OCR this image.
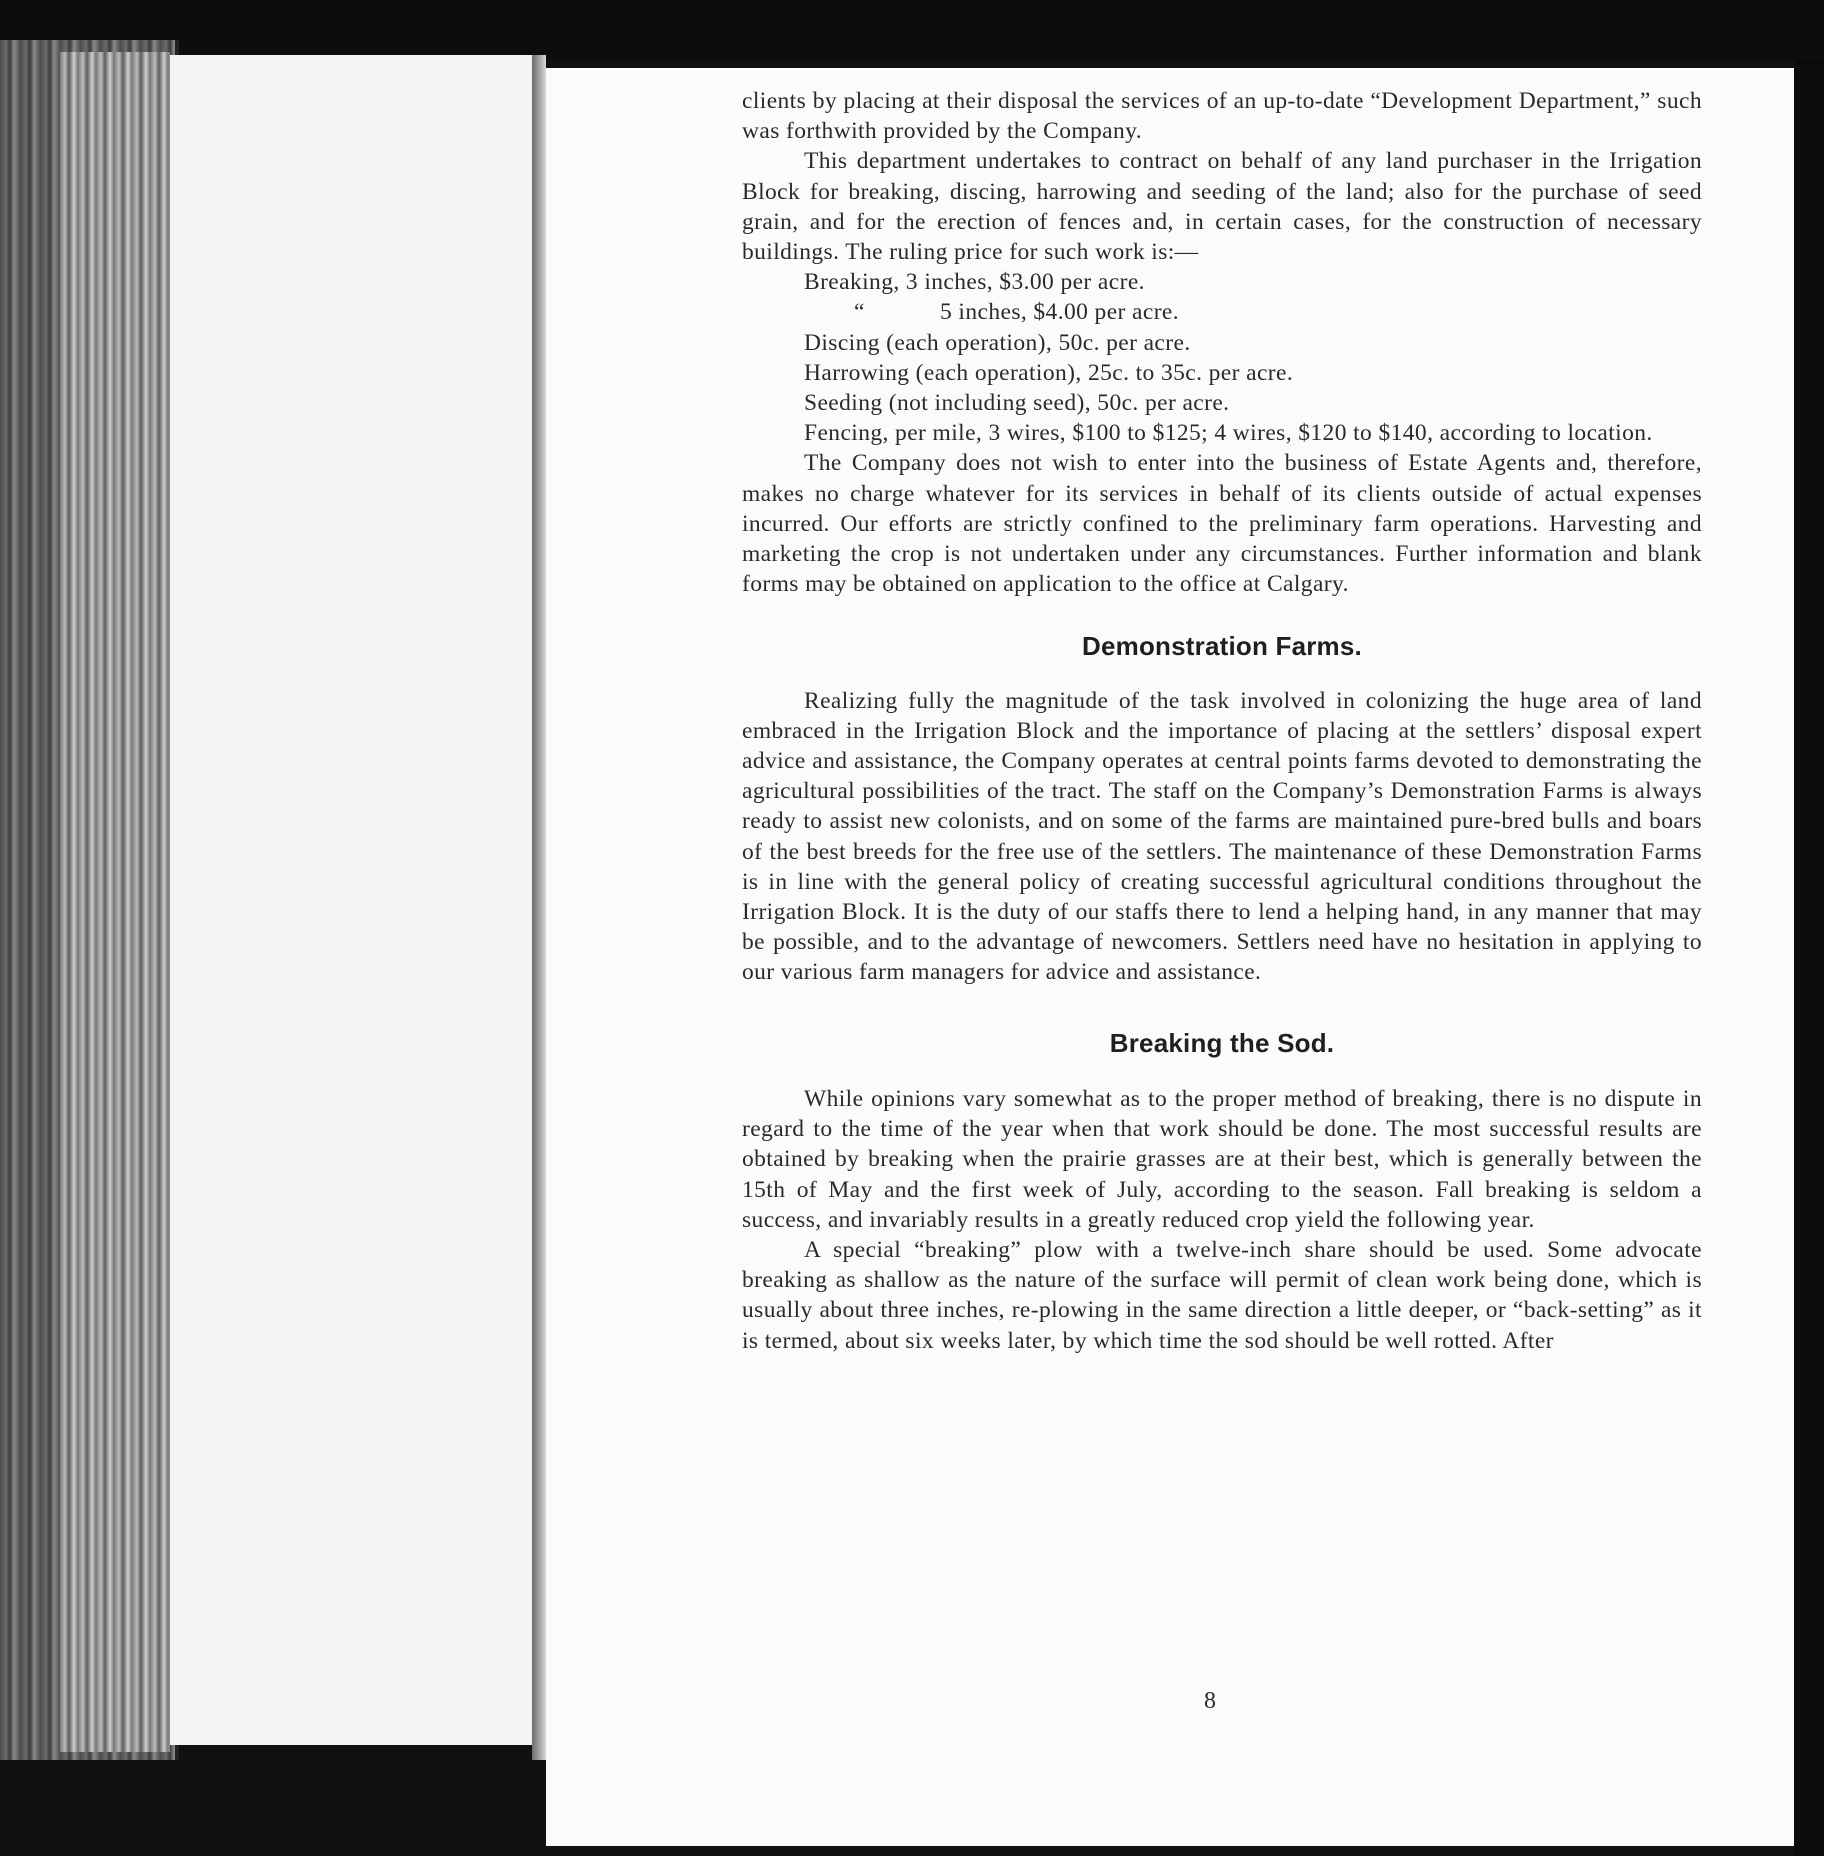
clients by placing at their disposal the services of an up-to-date “Development Department,” such was forthwith provided by the Company.

This department undertakes to contract on behalf of any land purchaser in the Irrigation Block for breaking, discing, harrowing and seeding of the land; also for the purchase of seed grain, and for the erection of fences and, in certain cases, for the construction of necessary buildings. The ruling price for such work is:—

Breaking, 3 inches, $3.00 per acre.
“	5 inches, $4.00 per acre.
Discing (each operation), 50c. per acre.
Harrowing (each operation), 25c. to 35c. per acre.
Seeding (not including seed), 50c. per acre.
Fencing, per mile, 3 wires, $100 to $125; 4 wires, $120 to $140, according to location.

The Company does not wish to enter into the business of Estate Agents and, therefore, makes no charge whatever for its services in behalf of its clients outside of actual expenses incurred. Our efforts are strictly confined to the preliminary farm operations. Harvesting and marketing the crop is not undertaken under any circumstances. Further information and blank forms may be obtained on application to the office at Calgary.

Demonstration Farms.

Realizing fully the magnitude of the task involved in colonizing the huge area of land embraced in the Irrigation Block and the importance of placing at the settlers’ disposal expert advice and assistance, the Company operates at central points farms devoted to demonstrating the agricultural possibilities of the tract. The staff on the Company’s Demonstration Farms is always ready to assist new colonists, and on some of the farms are maintained pure-bred bulls and boars of the best breeds for the free use of the settlers. The maintenance of these Demonstration Farms is in line with the general policy of creating successful agricultural conditions throughout the Irrigation Block. It is the duty of our staffs there to lend a helping hand, in any manner that may be possible, and to the advantage of newcomers. Settlers need have no hesitation in applying to our various farm managers for advice and assistance.

Breaking the Sod.

While opinions vary somewhat as to the proper method of breaking, there is no dispute in regard to the time of the year when that work should be done. The most successful results are obtained by breaking when the prairie grasses are at their best, which is generally between the 15th of May and the first week of July, according to the season. Fall breaking is seldom a success, and invariably results in a greatly reduced crop yield the following year.

A special “breaking” plow with a twelve-inch share should be used. Some advocate breaking as shallow as the nature of the surface will permit of clean work being done, which is usually about three inches, re-plowing in the same direction a little deeper, or “back-setting” as it is termed, about six weeks later, by which time the sod should be well rotted. After

8
